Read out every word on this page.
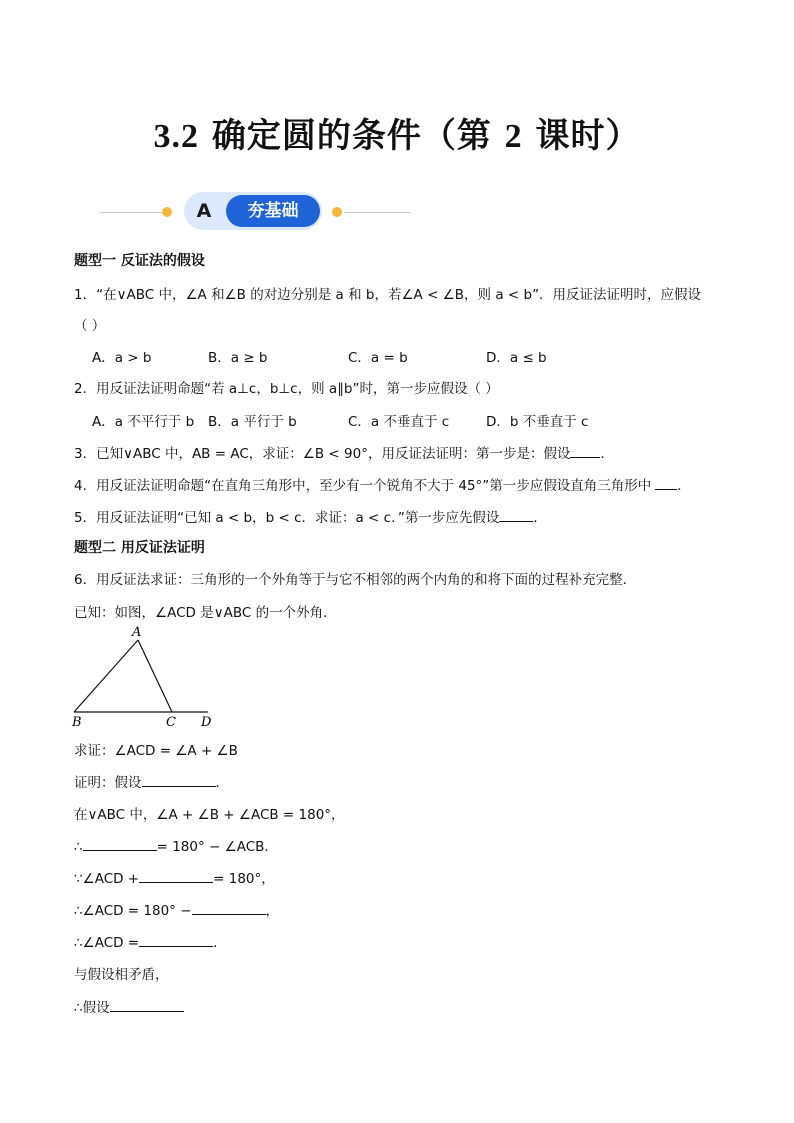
3.2 确定圆的条件（第 2 课时）
A	夯基础
题型一 反证法的假设
1．“在∨ABC 中，∠A 和∠B 的对边分别是 a 和 b，若∠A < ∠B，则 a < b”．用反证法证明时，应假设
（ ）
A．a > b	B．a ≥ b	C．a = b	D．a ≤ b
2．用反证法证明命题“若 a⊥c，b⊥c，则 a∥b”时，第一步应假设（ ）
A．a 不平行于 b B．a 平行于 b	C．a 不垂直于 c	D．b 不垂直于 c
3．已知∨ABC 中，AB = AC，求证：∠B < 90°，用反证法证明：第一步是：假设 ．
4．用反证法证明命题“在直角三角形中，至少有一个锐角不大于 45°”第一步应假设直角三角形中 ．
5．用反证法证明“已知 a < b，b < c．求证：a < c．”第一步应先假设	．
题型二 用反证法证明
6．用反证法求证：三角形的一个外角等于与它不相邻的两个内角的和将下面的过程补充完整．
已知：如图，∠ACD 是∨ABC 的一个外角．
A
B	C D
求证：∠ACD = ∠A + ∠B
证明：假设	．
在∨ABC 中，∠A + ∠B + ∠ACB = 180°，
∴	= 180° − ∠ACB．
∵∠ACD +	= 180°，
∴∠ACD = 180° −	，
∴∠ACD =	．
与假设相矛盾，
∴假设
